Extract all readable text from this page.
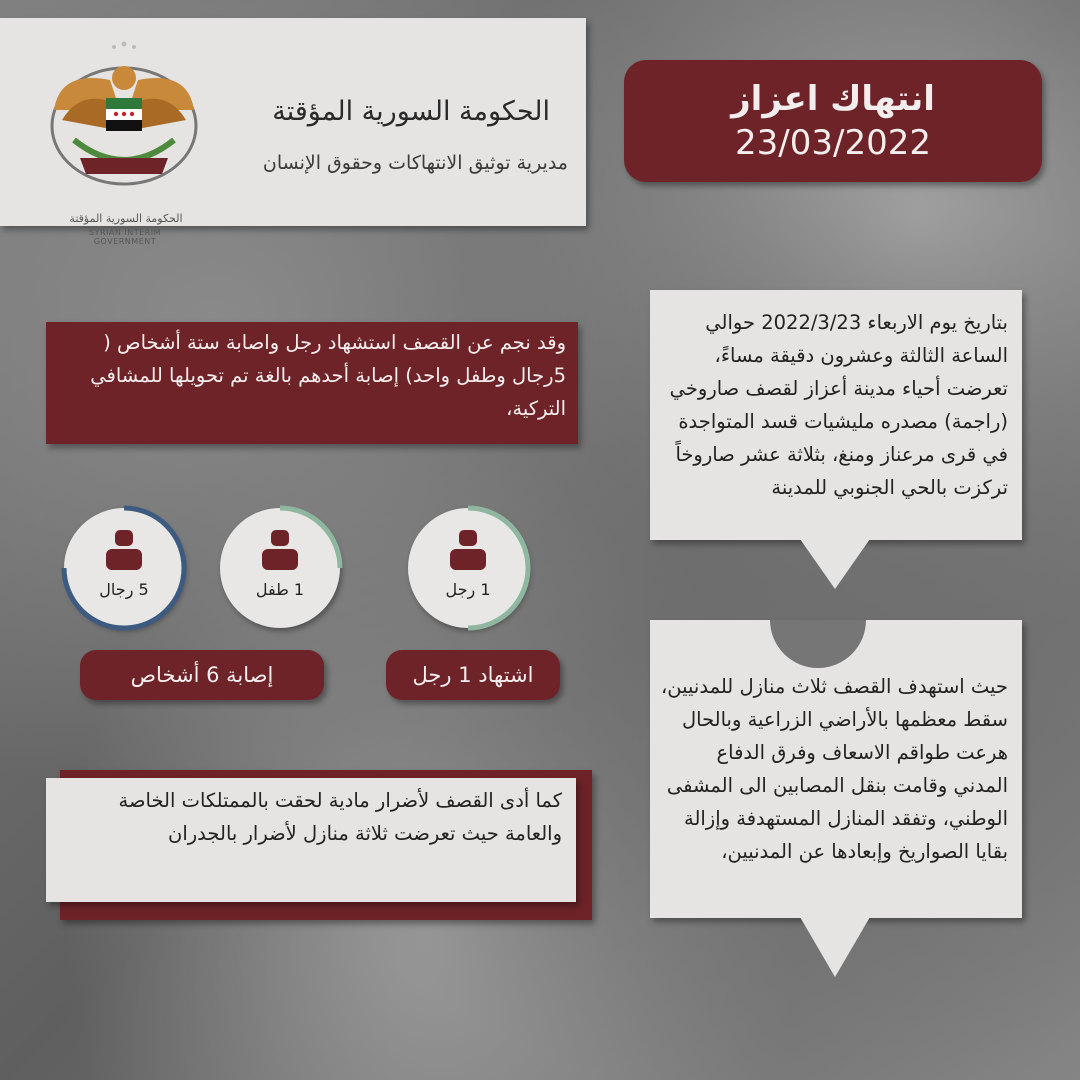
الحكومة السورية المؤقتة
SYRIAN INTERIM GOVERNMENT
الحكومة السورية المؤقتة
مديرية توثيق الانتهاكات وحقوق الإنسان
انتهاك اعزاز
23/03/2022
بتاريخ يوم الاربعاء 2022/3/23 حوالي الساعة الثالثة وعشرون دقيقة مساءً، تعرضت أحياء مدينة أعزاز لقصف صاروخي (راجمة) مصدره مليشيات قسد المتواجدة في قرى مرعناز ومنغ، بثلاثة عشر صاروخاً تركزت بالحي الجنوبي للمدينة
حيث استهدف القصف ثلاث منازل للمدنيين، سقط معظمها بالأراضي الزراعية وبالحال هرعت طواقم الاسعاف وفرق الدفاع المدني وقامت بنقل المصابين الى المشفى الوطني، وتفقد المنازل المستهدفة وإزالة بقايا الصواريخ وإبعادها عن المدنيين،
وقد نجم عن القصف استشهاد رجل واصابة ستة أشخاص ( 5رجال وطفل واحد) إصابة أحدهم بالغة تم تحويلها للمشافي التركية،
5 رجال	1 طفل	1 رجل
إصابة 6 أشخاص	اشتهاد 1 رجل
كما أدى القصف لأضرار مادية لحقت بالممتلكات الخاصة والعامة حيث تعرضت ثلاثة منازل لأضرار بالجدران
